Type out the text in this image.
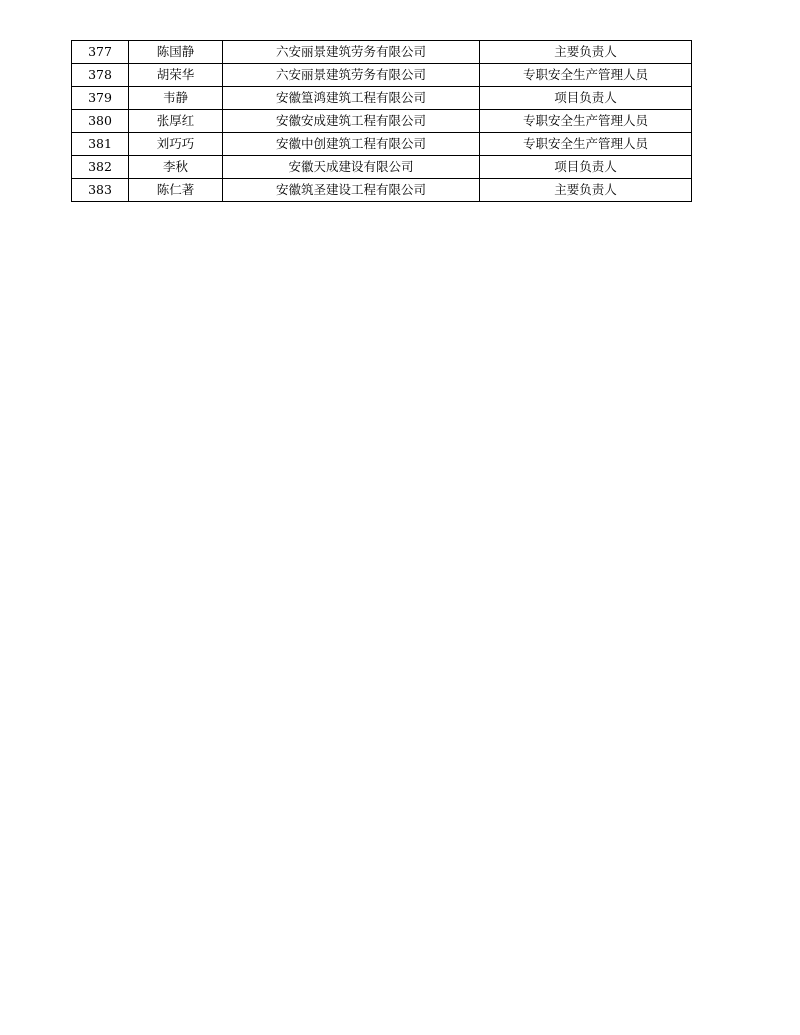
377	陈国静	六安丽景建筑劳务有限公司	主要负责人
378	胡荣华	六安丽景建筑劳务有限公司	专职安全生产管理人员
379	韦静	安徽篁鸿建筑工程有限公司	项目负责人
380	张厚红	安徽安成建筑工程有限公司	专职安全生产管理人员
381	刘巧巧	安徽中创建筑工程有限公司	专职安全生产管理人员
382	李秋	安徽天成建设有限公司	项目负责人
383	陈仁著	安徽筑圣建设工程有限公司	主要负责人
